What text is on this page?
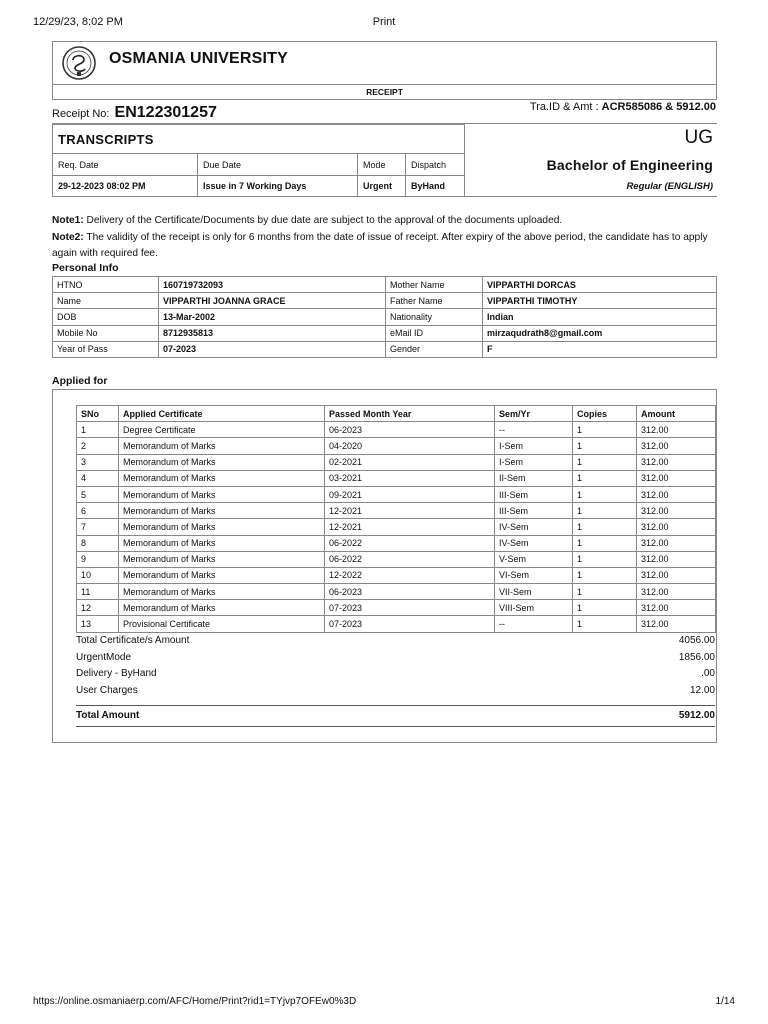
12/29/23, 8:02 PM	Print
OSMANIA UNIVERSITY
RECEIPT
Receipt No: EN122301257	Tra.ID & Amt : ACR585086 & 5912.00
TRANSCRIPTS			
Req. Date	Due Date	Mode	Dispatch
29-12-2023 08:02 PM	Issue in 7 Working Days	Urgent	ByHand
UG
Bachelor of Engineering
Regular (ENGLISH)
Note1: Delivery of the Certificate/Documents by due date are subject to the approval of the documents uploaded.
Note2: The validity of the receipt is only for 6 months from the date of issue of receipt. After expiry of the above period, the candidate has to apply again with required fee.
Personal Info
HTNO	160719732093	Mother Name	VIPPARTHI DORCAS
Name	VIPPARTHI JOANNA GRACE	Father Name	VIPPARTHI TIMOTHY
DOB	13-Mar-2002	Nationality	Indian
Mobile No	8712935813	eMail ID	mirzaqudrath8@gmail.com
Year of Pass	07-2023	Gender	F
Applied for
SNo	Applied Certificate	Passed Month Year	Sem/Yr	Copies	Amount
1	Degree Certificate	06-2023	--	1	312.00
2	Memorandum of Marks	04-2020	I-Sem	1	312.00
3	Memorandum of Marks	02-2021	I-Sem	1	312.00
4	Memorandum of Marks	03-2021	II-Sem	1	312.00
5	Memorandum of Marks	09-2021	III-Sem	1	312.00
6	Memorandum of Marks	12-2021	III-Sem	1	312.00
7	Memorandum of Marks	12-2021	IV-Sem	1	312.00
8	Memorandum of Marks	06-2022	IV-Sem	1	312.00
9	Memorandum of Marks	06-2022	V-Sem	1	312.00
10	Memorandum of Marks	12-2022	VI-Sem	1	312.00
11	Memorandum of Marks	06-2023	VII-Sem	1	312.00
12	Memorandum of Marks	07-2023	VIII-Sem	1	312.00
13	Provisional Certificate	07-2023	--	1	312.00
Total Certificate/s Amount	4056.00
UrgentMode	1856.00
Delivery - ByHand	.00
User Charges	12.00
Total Amount	5912.00
https://online.osmaniaerp.com/AFC/Home/Print?rid1=TYjvp7OFEw0%3D	1/14
